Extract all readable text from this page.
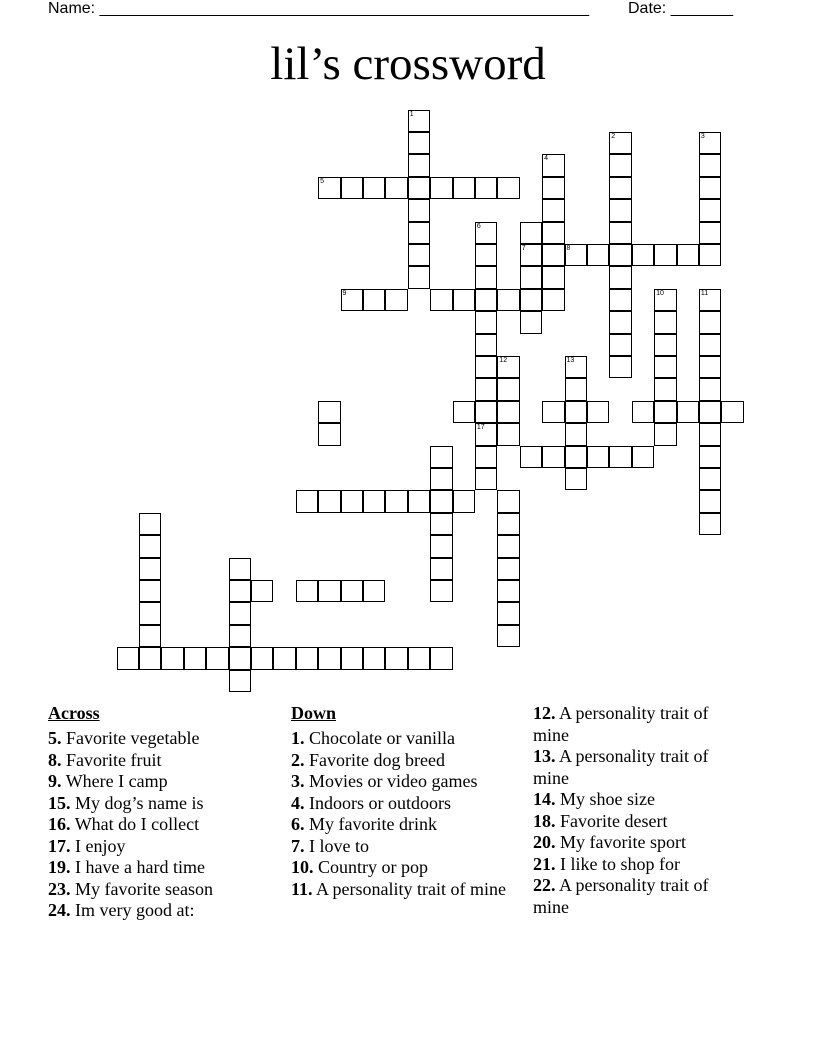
Name: _______________________________________________________ Date: _______
lil’s crossword
1
2	3
4
5
6
17
7	8
9	10	11
12	13
Across

5. Favorite vegetable

8. Favorite fruit

9. Where I camp

15. My dog’s name is

16. What do I collect

17. I enjoy

19. I have a hard time

23. My favorite season

24. Im very good at:

Down

1. Chocolate or vanilla

2. Favorite dog breed

3. Movies or video games

4. Indoors or outdoors

6. My favorite drink

7. I love to

10. Country or pop

11. A personality trait of mine

12. A personality trait of mine

13. A personality trait of mine

14. My shoe size

18. Favorite desert

20. My favorite sport

21. I like to shop for

22. A personality trait of mine
